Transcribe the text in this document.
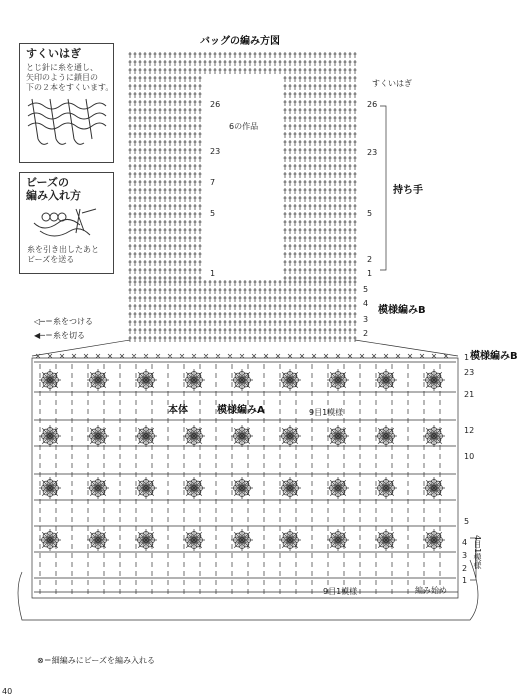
バッグの編み方図
すくいはぎ
とじ針に糸を通し、
矢印のように鎖目の
下の２本をすくいます。
ビーズの
編み入れ方
糸を引き出したあと
ビーズを送る
6の作品
すくいはぎ
持ち手
模様編みB
模様編みB
本体	模様編みA	9目1模様
9目1模様	編み始め
4目1模様
40
◁─＝糸をつける
◀─＝糸を切る
⊗＝細編みにビーズを編み入れる
26
23
7
5
1
26
23
5
2
1
5
4
3
2
1
23
21
12
10
5
4
3
2
1
